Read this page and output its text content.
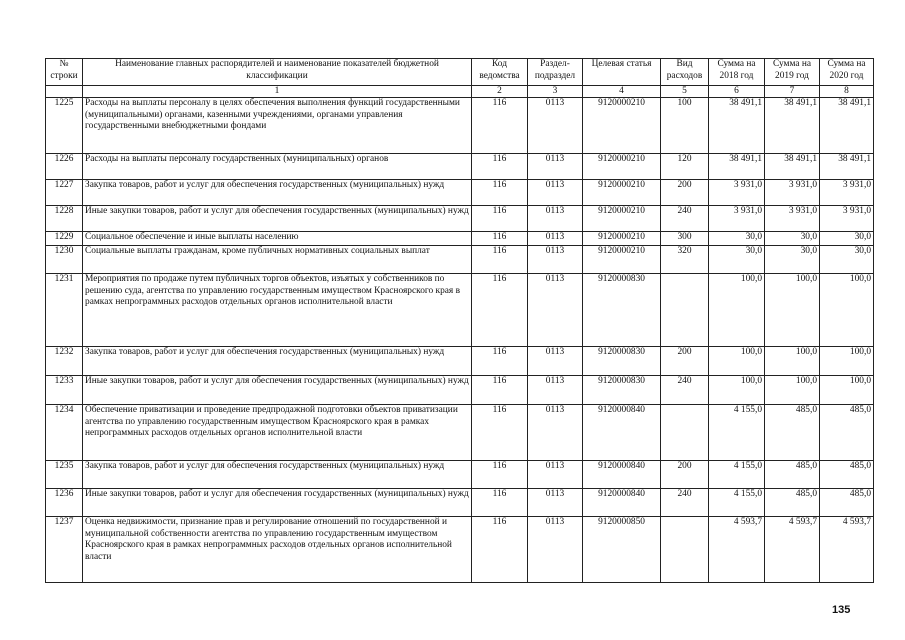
№ строки	Наименование главных распорядителей и наименование показателей бюджетной классификации	Код ведомства	Раздел-подраздел	Целевая статья	Вид расходов	Сумма на 2018 год	Сумма на 2019 год	Сумма на 2020 год
	1	2	3	4	5	6	7	8
1225	Расходы на выплаты персоналу в целях обеспечения выполнения функций государственными (муниципальными) органами, казенными учреждениями, органами управления государственными внебюджетными фондами	116	0113	9120000210	100	38 491,1	38 491,1	38 491,1
1226	Расходы на выплаты персоналу государственных (муниципальных) органов	116	0113	9120000210	120	38 491,1	38 491,1	38 491,1
1227	Закупка товаров, работ и услуг для обеспечения государственных (муниципальных) нужд	116	0113	9120000210	200	3 931,0	3 931,0	3 931,0
1228	Иные закупки товаров, работ и услуг для обеспечения государственных (муниципальных) нужд	116	0113	9120000210	240	3 931,0	3 931,0	3 931,0
1229	Социальное обеспечение и иные выплаты населению	116	0113	9120000210	300	30,0	30,0	30,0
1230	Социальные выплаты гражданам, кроме публичных нормативных социальных выплат	116	0113	9120000210	320	30,0	30,0	30,0
1231	Мероприятия по продаже путем публичных торгов объектов, изъятых у собственников по решению суда, агентства по управлению государственным имуществом Красноярского края в рамках непрограммных расходов отдельных органов исполнительной власти	116	0113	9120000830		100,0	100,0	100,0
1232	Закупка товаров, работ и услуг для обеспечения государственных (муниципальных) нужд	116	0113	9120000830	200	100,0	100,0	100,0
1233	Иные закупки товаров, работ и услуг для обеспечения государственных (муниципальных) нужд	116	0113	9120000830	240	100,0	100,0	100,0
1234	Обеспечение приватизации и проведение предпродажной подготовки объектов приватизации агентства по управлению государственным имуществом Красноярского края в рамках непрограммных расходов отдельных органов исполнительной власти	116	0113	9120000840		4 155,0	485,0	485,0
1235	Закупка товаров, работ и услуг для обеспечения государственных (муниципальных) нужд	116	0113	9120000840	200	4 155,0	485,0	485,0
1236	Иные закупки товаров, работ и услуг для обеспечения государственных (муниципальных) нужд	116	0113	9120000840	240	4 155,0	485,0	485,0
1237	Оценка недвижимости, признание прав и регулирование отношений по государственной и муниципальной собственности агентства по управлению государственным имуществом Красноярского края в рамках непрограммных расходов отдельных органов исполнительной власти	116	0113	9120000850		4 593,7	4 593,7	4 593,7
135
